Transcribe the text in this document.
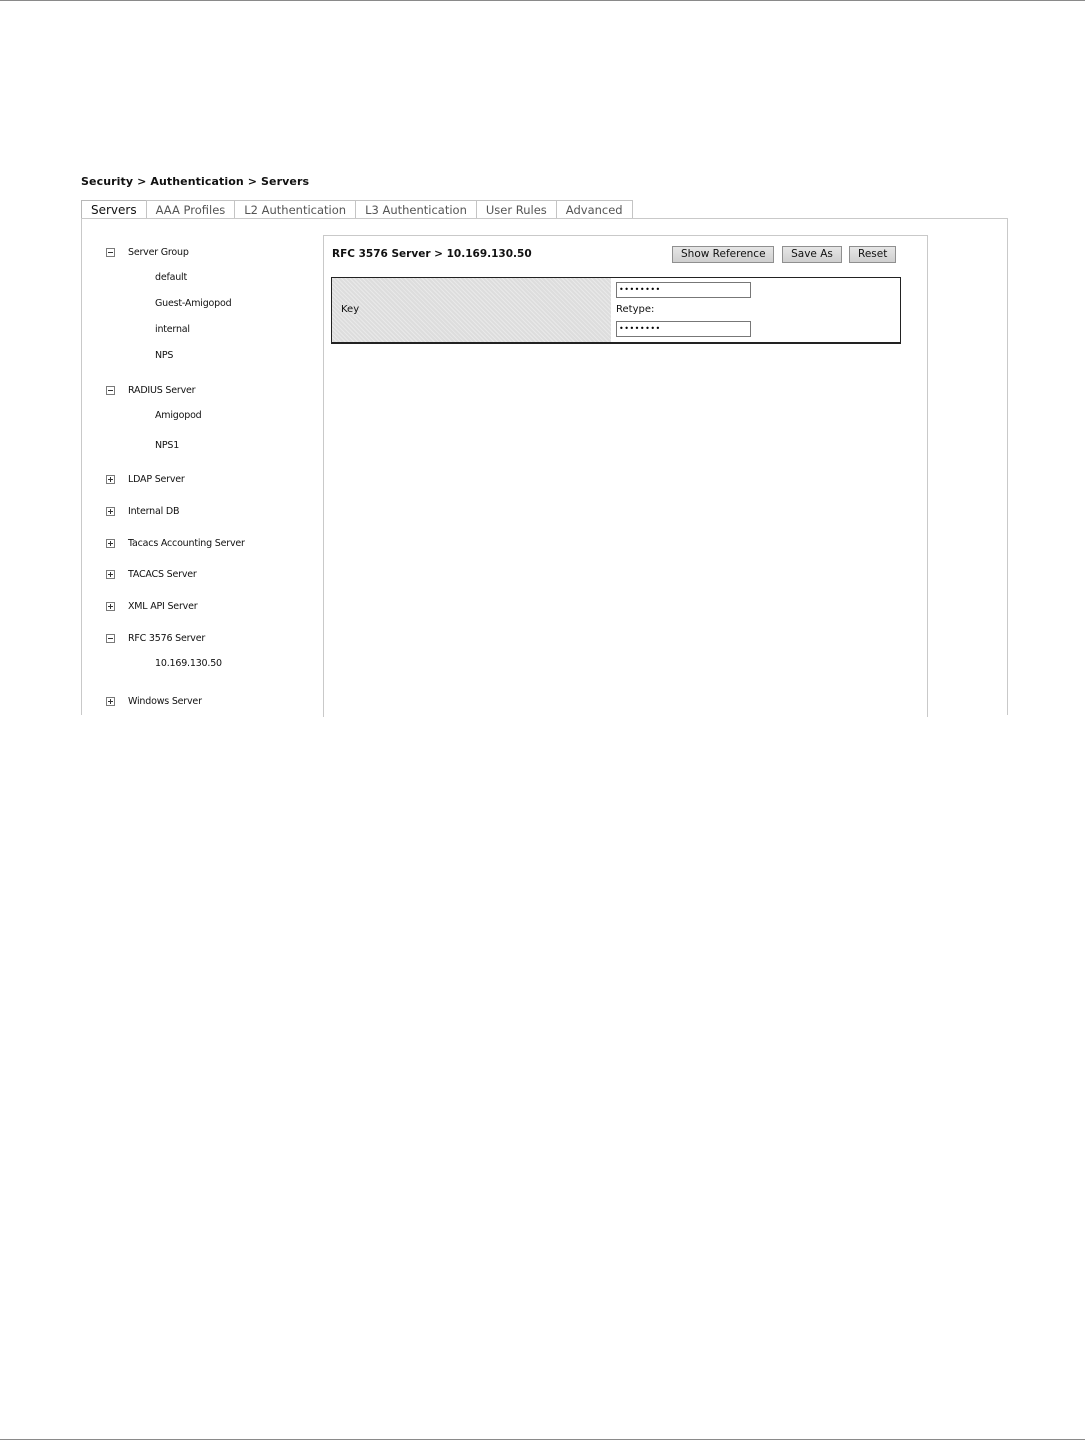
Security > Authentication > Servers
Servers	AAA Profiles	L2 Authentication	L3 Authentication	User Rules	Advanced
Server Group
default
Guest-Amigopod
internal
NPS
RADIUS Server
Amigopod
NPS1
LDAP Server
Internal DB
Tacacs Accounting Server
TACACS Server
XML API Server
RFC 3576 Server
10.169.130.50
Windows Server
RFC 3576 Server > 10.169.130.50	Show Reference	Save As	Reset
Key
••••••••
Retype:
••••••••
